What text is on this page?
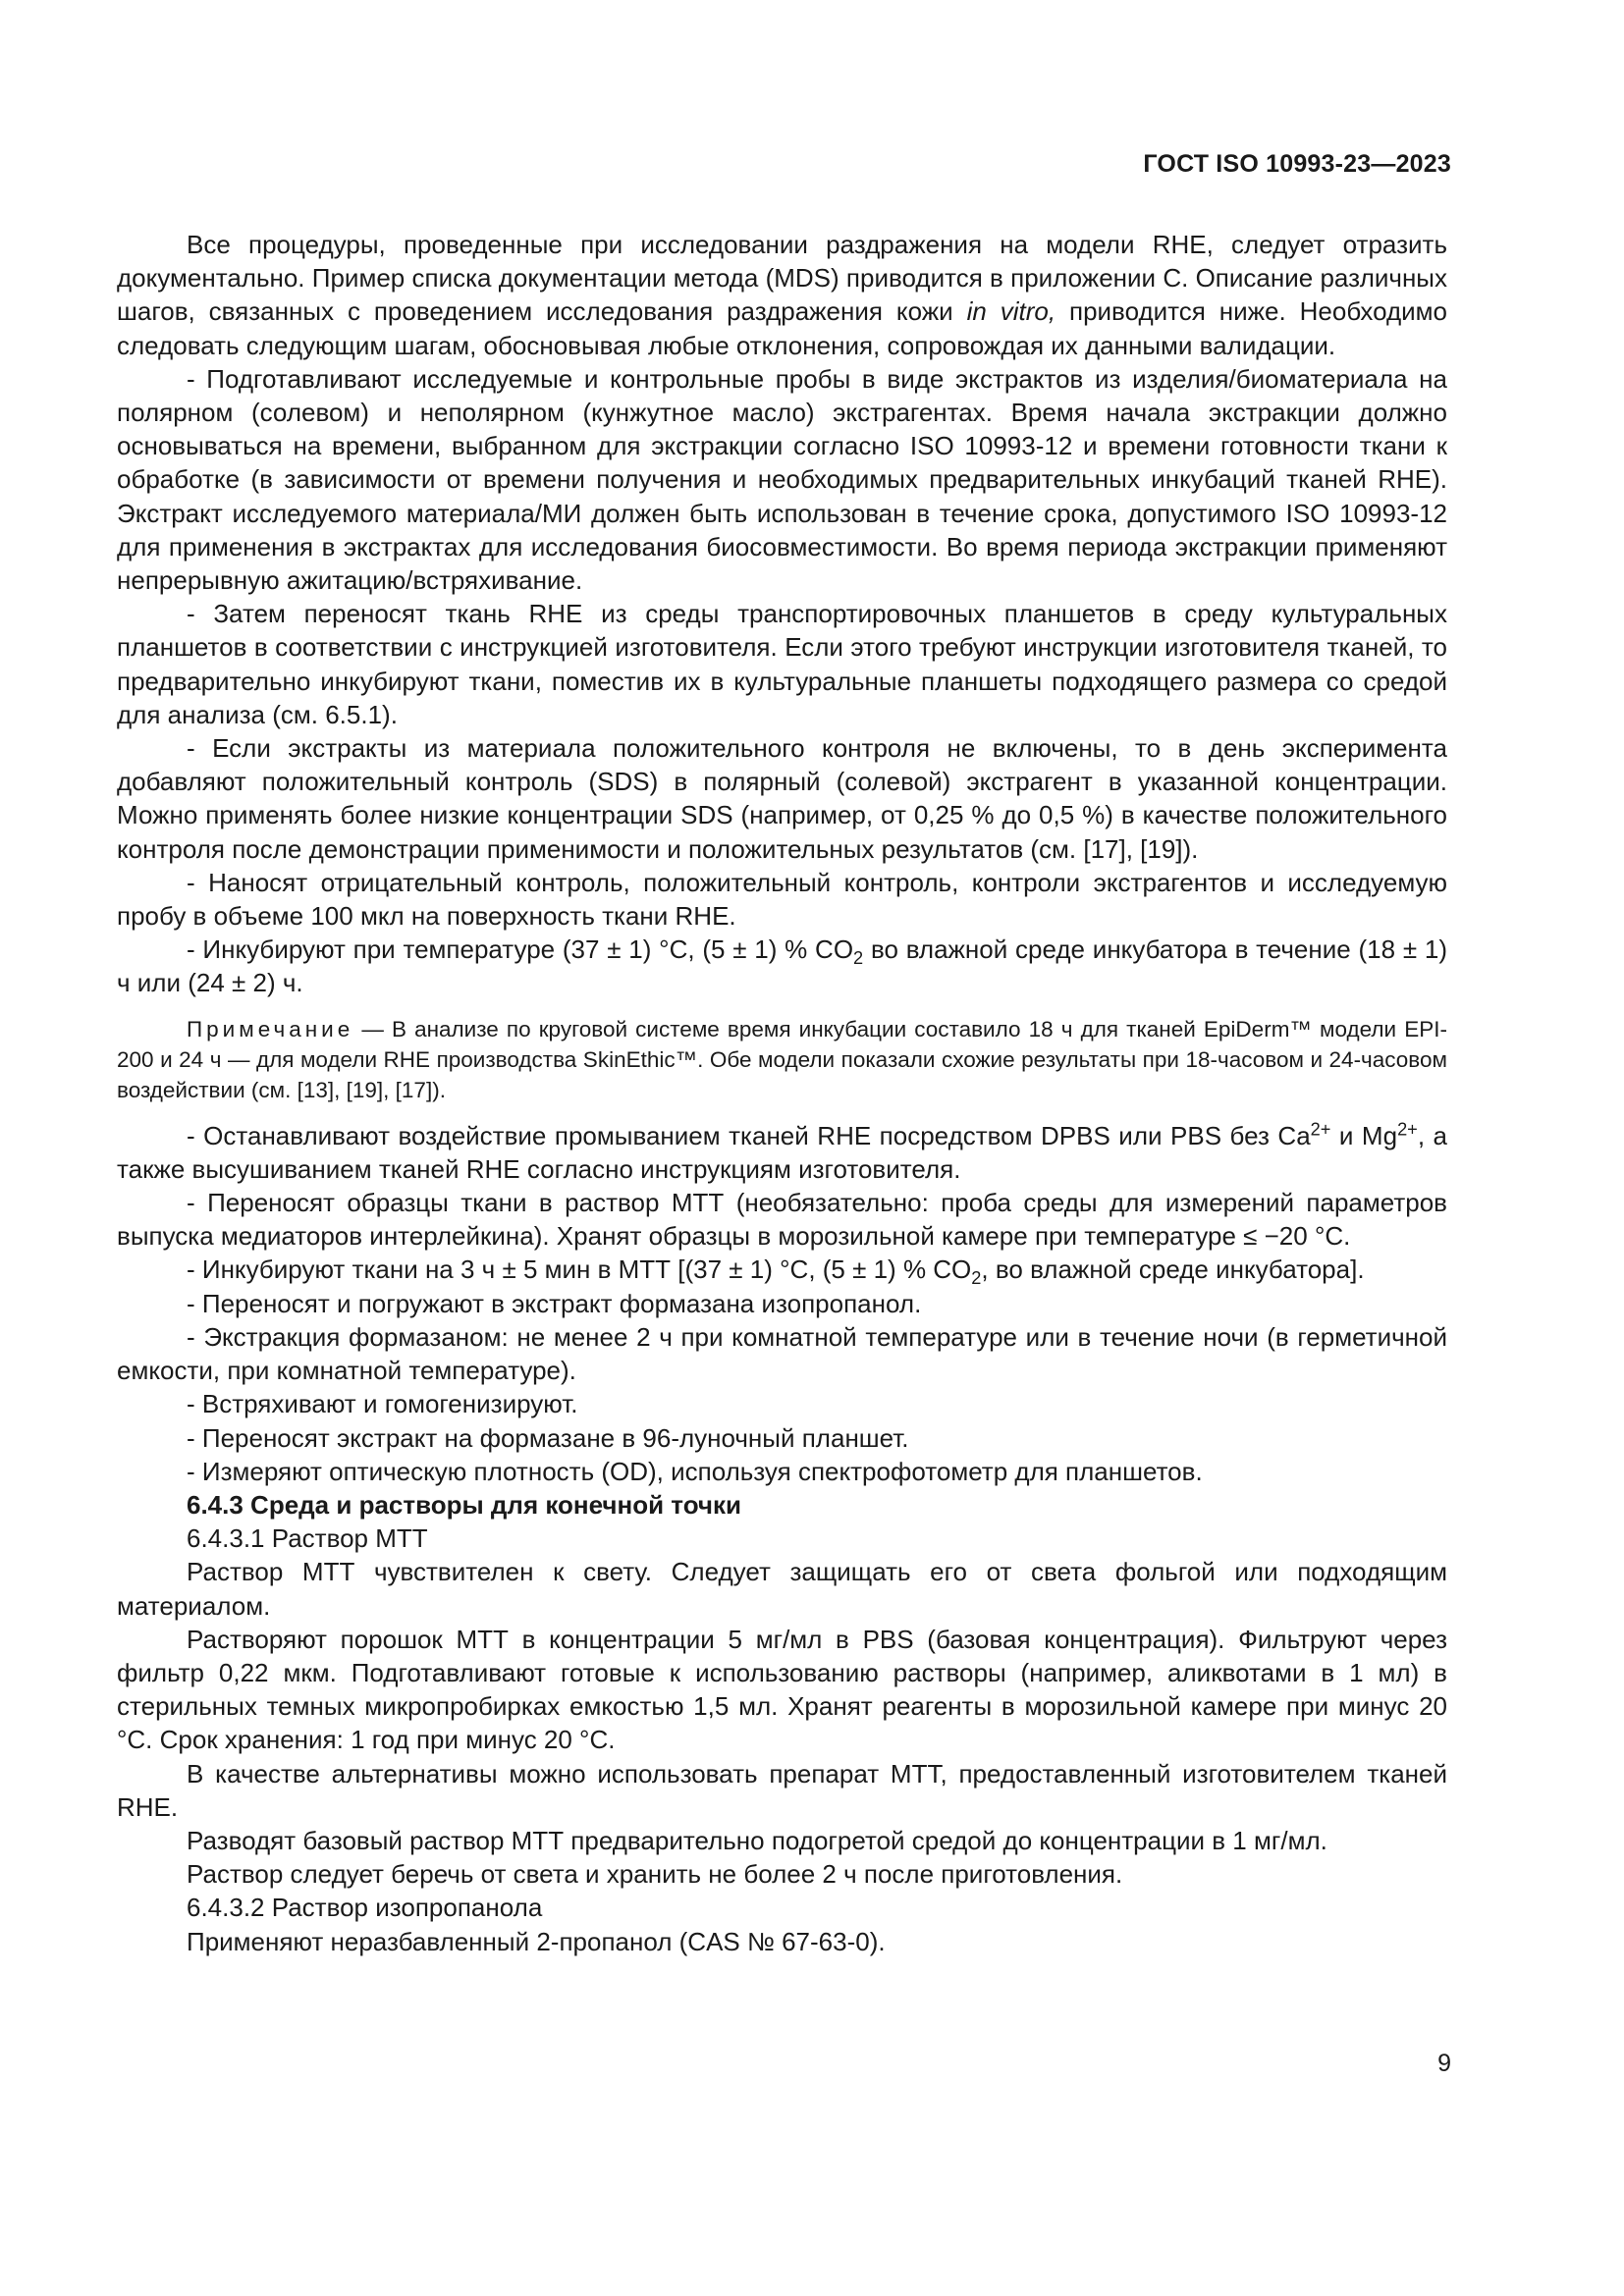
ГОСТ ISO 10993-23—2023

Все процедуры, проведенные при исследовании раздражения на модели RHE, следует отразить документально. Пример списка документации метода (MDS) приводится в приложении С. Описание различных шагов, связанных с проведением исследования раздражения кожи in vitro, приводится ниже. Необходимо следовать следующим шагам, обосновывая любые отклонения, сопровождая их данными валидации.

- Подготавливают исследуемые и контрольные пробы в виде экстрактов из изделия/биоматериала на полярном (солевом) и неполярном (кунжутное масло) экстрагентах. Время начала экстракции должно основываться на времени, выбранном для экстракции согласно ISO 10993-12 и времени готовности ткани к обработке (в зависимости от времени получения и необходимых предварительных инкубаций тканей RHE). Экстракт исследуемого материала/МИ должен быть использован в течение срока, допустимого ISO 10993-12 для применения в экстрактах для исследования биосовместимости. Во время периода экстракции применяют непрерывную ажитацию/встряхивание.

- Затем переносят ткань RHE из среды транспортировочных планшетов в среду культуральных планшетов в соответствии с инструкцией изготовителя. Если этого требуют инструкции изготовителя тканей, то предварительно инкубируют ткани, поместив их в культуральные планшеты подходящего размера со средой для анализа (см. 6.5.1).

- Если экстракты из материала положительного контроля не включены, то в день эксперимента добавляют положительный контроль (SDS) в полярный (солевой) экстрагент в указанной концентрации. Можно применять более низкие концентрации SDS (например, от 0,25 % до 0,5 %) в качестве положительного контроля после демонстрации применимости и положительных результатов (см. [17], [19]).

- Наносят отрицательный контроль, положительный контроль, контроли экстрагентов и исследуемую пробу в объеме 100 мкл на поверхность ткани RHE.

- Инкубируют при температуре (37 ± 1) °C, (5 ± 1) % $CO_2$ во влажной среде инкубатора в течение (18 ± 1) ч или (24 ± 2) ч.

Примечание — В анализе по круговой системе время инкубации составило 18 ч для тканей EpiDerm™ модели EPI-200 и 24 ч — для модели RHE производства SkinEthic™. Обе модели показали схожие результаты при 18-часовом и 24-часовом воздействии (см. [13], [19], [17]).

- Останавливают воздействие промыванием тканей RHE посредством DPBS или PBS без $Ca^{2+}$ и $Mg^{2+}$, а также высушиванием тканей RHE согласно инструкциям изготовителя.

- Переносят образцы ткани в раствор МТТ (необязательно: проба среды для измерений параметров выпуска медиаторов интерлейкина). Хранят образцы в морозильной камере при температуре ≤ −20 °C.

- Инкубируют ткани на 3 ч ± 5 мин в МТТ [(37 ± 1) °C, (5 ± 1) % $CO_2$, во влажной среде инкубатора].

- Переносят и погружают в экстракт формазана изопропанол.

- Экстракция формазаном: не менее 2 ч при комнатной температуре или в течение ночи (в герметичной емкости, при комнатной температуре).

- Встряхивают и гомогенизируют.

- Переносят экстракт на формазане в 96-луночный планшет.

- Измеряют оптическую плотность (OD), используя спектрофотометр для планшетов.

6.4.3 Среда и растворы для конечной точки

6.4.3.1 Раствор МТТ

Раствор МТТ чувствителен к свету. Следует защищать его от света фольгой или подходящим материалом.

Растворяют порошок МТТ в концентрации 5 мг/мл в PBS (базовая концентрация). Фильтруют через фильтр 0,22 мкм. Подготавливают готовые к использованию растворы (например, аликвотами в 1 мл) в стерильных темных микропробирках емкостью 1,5 мл. Хранят реагенты в морозильной камере при минус 20 °C. Срок хранения: 1 год при минус 20 °C.

В качестве альтернативы можно использовать препарат МТТ, предоставленный изготовителем тканей RHE.

Разводят базовый раствор МТТ предварительно подогретой средой до концентрации в 1 мг/мл.

Раствор следует беречь от света и хранить не более 2 ч после приготовления.

6.4.3.2 Раствор изопропанола

Применяют неразбавленный 2-пропанол (CAS № 67-63-0).

9
